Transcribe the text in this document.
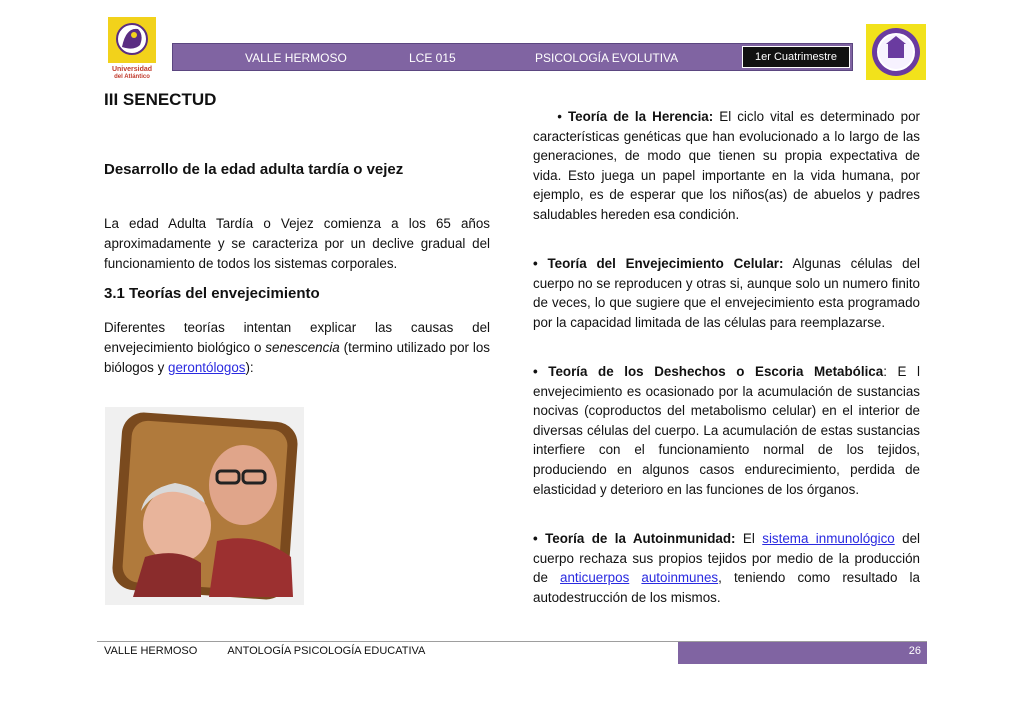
Universidad
del Atlántico
VALLE HERMOSO	LCE 015	PSICOLOGÍA EVOLUTIVA	1er Cuatrimestre
III SENECTUD
Desarrollo de la edad adulta tardía o vejez
La edad Adulta Tardía o Vejez comienza a los 65 años aproximadamente y se caracteriza por un declive gradual del funcionamiento de todos los sistemas corporales.
3.1 Teorías del envejecimiento
Diferentes teorías intentan explicar las causas del envejecimiento biológico o senescencia (termino utilizado por los biólogos y gerontólogos):
• Teoría de la Herencia: El ciclo vital es determinado por características genéticas que han evolucionado a lo largo de las generaciones, de modo que tienen su propia expectativa de vida. Esto juega un papel importante en la vida humana, por ejemplo, es de esperar que los niños(as) de abuelos y padres saludables hereden esa condición.
• Teoría del Envejecimiento Celular: Algunas células del cuerpo no se reproducen y otras si, aunque solo un numero finito de veces, lo que sugiere que el envejecimiento esta programado por la capacidad limitada de las células para reemplazarse.
• Teoría de los Deshechos o Escoria Metabólica: E l envejecimiento es ocasionado por la acumulación de sustancias nocivas (coproductos del metabolismo celular) en el interior de diversas células del cuerpo. La acumulación de estas sustancias interfiere con el funcionamiento normal de los tejidos, produciendo en algunos casos endurecimiento, perdida de elasticidad y deterioro en las funciones de los órganos.
• Teoría de la Autoinmunidad: El sistema inmunológico del cuerpo rechaza sus propios tejidos por medio de la producción de anticuerpos autoinmunes, teniendo como resultado la autodestrucción de los mismos.
VALLE HERMOSO	ANTOLOGÍA PSICOLOGÍA EDUCATIVA	26
